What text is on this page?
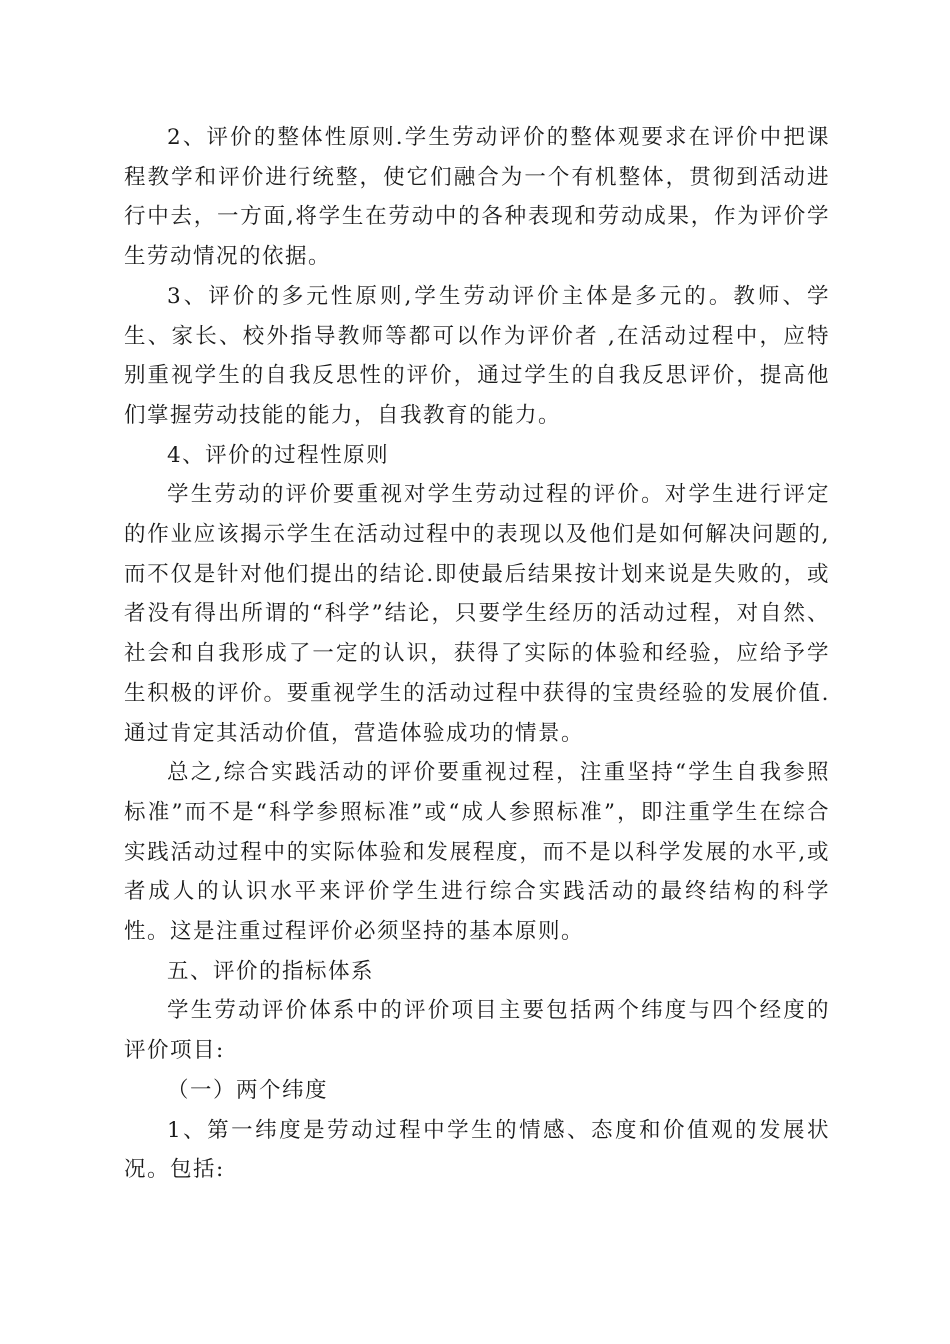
2、评价的整体性原则.学生劳动评价的整体观要求在评价中把课程教学和评价进行统整，使它们融合为一个有机整体，贯彻到活动进行中去，一方面,将学生在劳动中的各种表现和劳动成果，作为评价学生劳动情况的依据。

3、评价的多元性原则,学生劳动评价主体是多元的。教师、学生、家长、校外指导教师等都可以作为评价者 ,在活动过程中，应特别重视学生的自我反思性的评价，通过学生的自我反思评价，提高他们掌握劳动技能的能力，自我教育的能力。

4、评价的过程性原则

学生劳动的评价要重视对学生劳动过程的评价。对学生进行评定的作业应该揭示学生在活动过程中的表现以及他们是如何解决问题的,而不仅是针对他们提出的结论.即使最后结果按计划来说是失败的，或者没有得出所谓的“科学”结论，只要学生经历的活动过程，对自然、社会和自我形成了一定的认识，获得了实际的体验和经验，应给予学生积极的评价。要重视学生的活动过程中获得的宝贵经验的发展价值.通过肯定其活动价值，营造体验成功的情景。

总之,综合实践活动的评价要重视过程，注重坚持“学生自我参照标准”而不是“科学参照标准”或“成人参照标准”，即注重学生在综合实践活动过程中的实际体验和发展程度，而不是以科学发展的水平,或者成人的认识水平来评价学生进行综合实践活动的最终结构的科学性。这是注重过程评价必须坚持的基本原则。

五、评价的指标体系

学生劳动评价体系中的评价项目主要包括两个纬度与四个经度的评价项目:

（一）两个纬度

1、第一纬度是劳动过程中学生的情感、态度和价值观的发展状况。包括:
